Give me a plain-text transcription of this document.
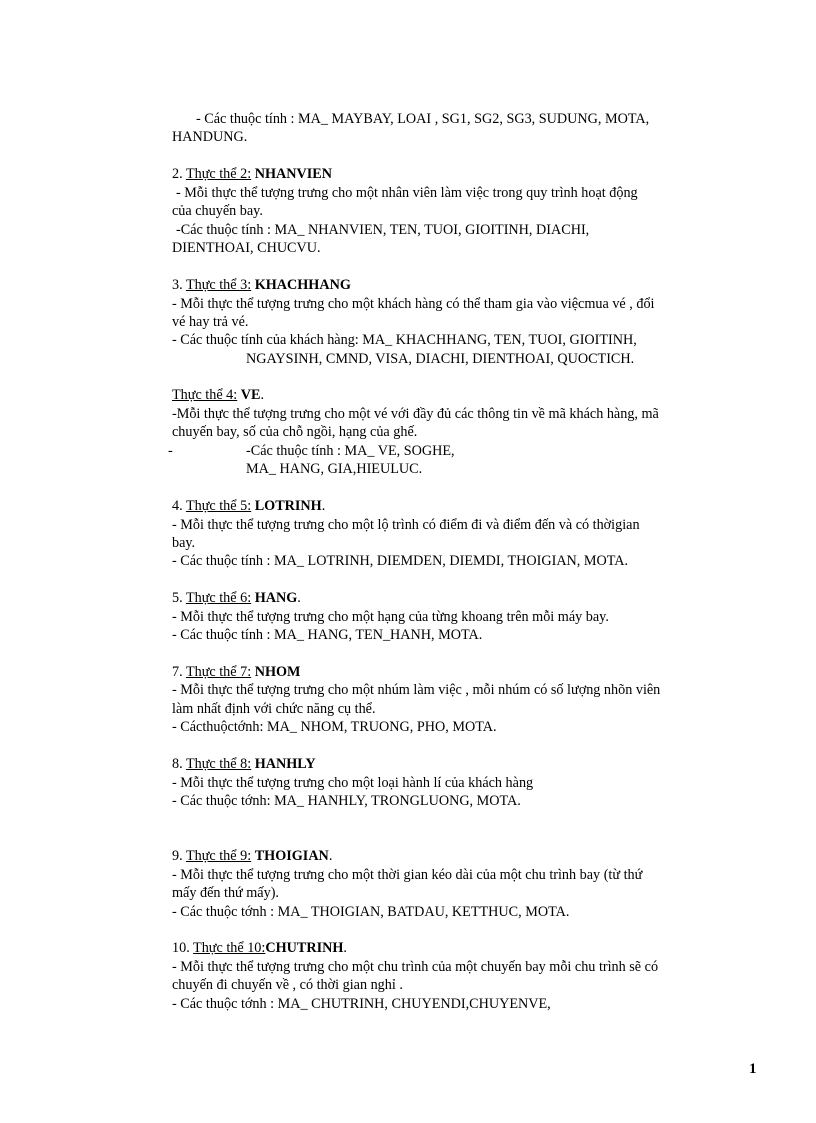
- Các thuộc tính : MA_ MAYBAY, LOAI , SG1, SG2, SG3, SUDUNG, MOTA,
HANDUNG.
2. Thực thể 2: NHANVIEN
- Mỗi thực thể tượng trưng cho một nhân viên làm việc trong quy trình hoạt động
của chuyến bay.
-Các thuộc tính : MA_ NHANVIEN, TEN, TUOI, GIOITINH, DIACHI,
DIENTHOAI, CHUCVU.
3. Thực thể 3: KHACHHANG
- Mỗi thực thể tượng trưng cho một khách hàng có thể tham gia vào việcmua vé , đổi
vé hay trả vé.
- Các thuộc tính của khách hàng: MA_ KHACHHANG, TEN, TUOI, GIOITINH,
NGAYSINH, CMND, VISA, DIACHI, DIENTHOAI, QUOCTICH.
Thực thể 4: VE.
-Mỗi thực thể tượng trưng cho một vé với đầy đủ các thông tin về mã khách hàng, mã
chuyến bay, số của chỗ ngồi, hạng của ghế.
-	-Các thuộc tính : MA_ VE, SOGHE,
MA_ HANG, GIA,HIEULUC.
4. Thực thể 5: LOTRINH.
- Mỗi thực thể tượng trưng cho một lộ trình có điểm đi và điểm đến và có thờigian
bay.
- Các thuộc tính : MA_ LOTRINH, DIEMDEN, DIEMDI, THOIGIAN, MOTA.
5. Thực thể 6: HANG.
- Mỗi thực thể tượng trưng cho một hạng của từng khoang trên mỗi máy bay.
- Các thuộc tính : MA_ HANG, TEN_HANH, MOTA.
7. Thực thể 7: NHOM
- Mỗi thực thể tượng trưng cho một nhúm làm việc , mỗi nhúm có số lượng nhõn viên
làm nhất định với chức năng cụ thể.
- Cácthuộctớnh: MA_ NHOM, TRUONG, PHO, MOTA.
8. Thực thể 8: HANHLY
- Mỗi thực thể tượng trưng cho một loại hành lí của khách hàng
- Các thuộc tớnh: MA_ HANHLY, TRONGLUONG, MOTA.
9. Thực thể 9: THOIGIAN.
- Mỗi thực thể tượng trưng cho một thời gian kéo dài của một chu trình bay (từ thứ
mấy đến thứ mấy).
- Các thuộc tớnh : MA_ THOIGIAN, BATDAU, KETTHUC, MOTA.
10. Thực thể 10:CHUTRINH.
- Mỗi thực thể tượng trưng cho một chu trình của một chuyến bay mỗi chu trình sẽ có
chuyến đi chuyến về , có thời gian nghỉ .
- Các thuộc tớnh : MA_ CHUTRINH, CHUYENDI,CHUYENVE,
1
